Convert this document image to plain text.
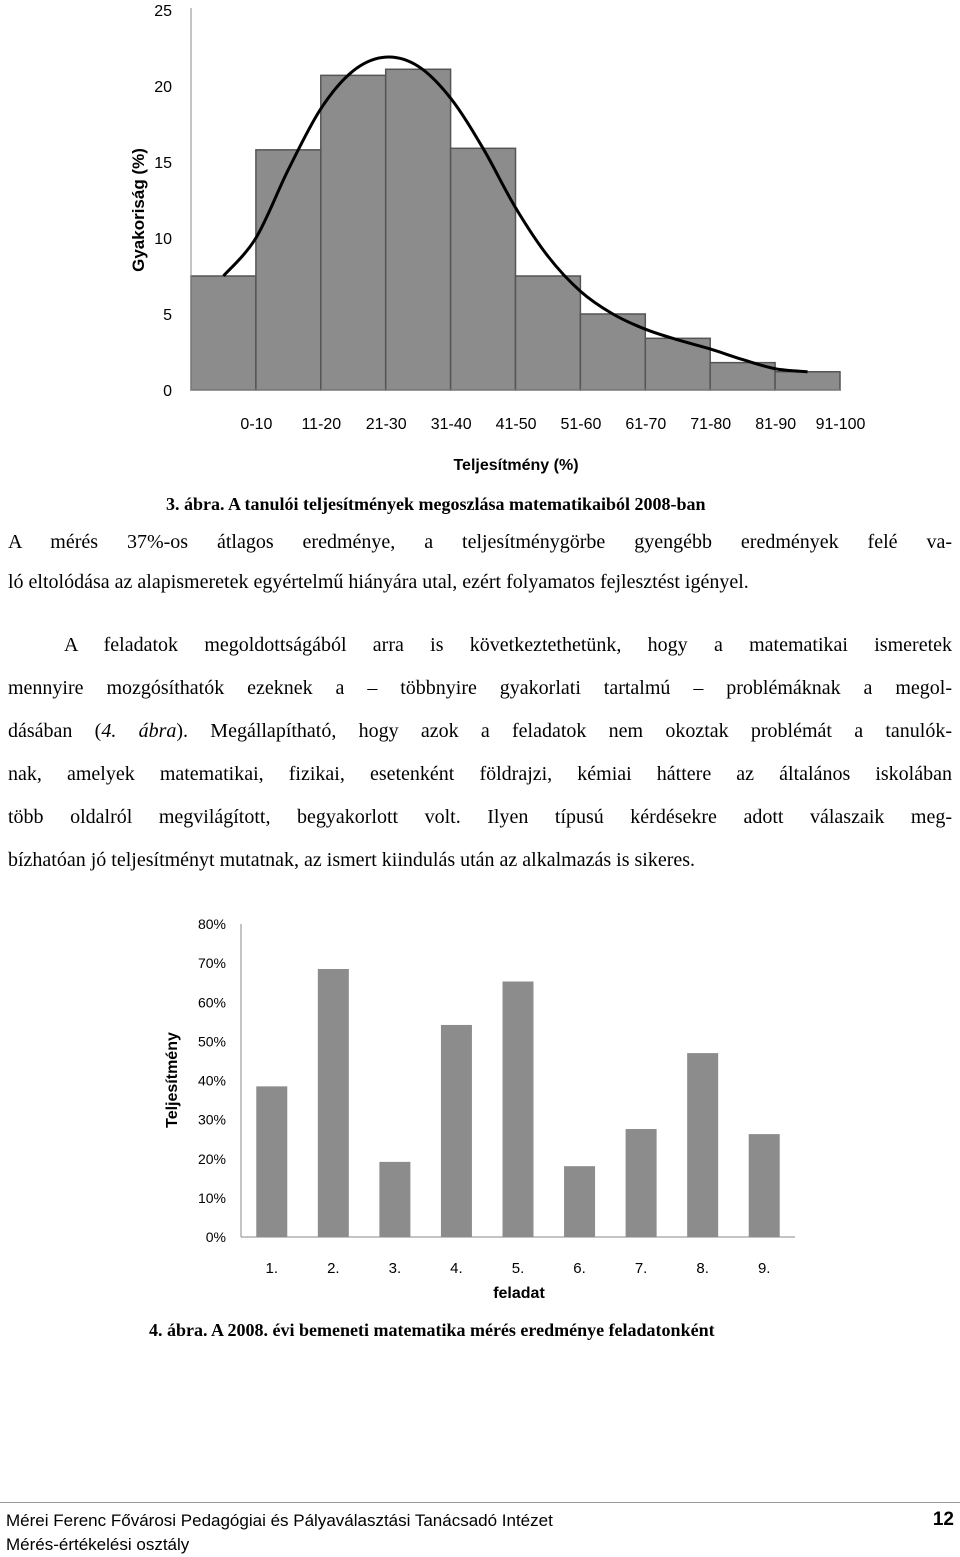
0
5
10
15
20
25
0-10 11-20 21-30 31-40 41-50 51-60 61-70 71-80 81-90 91-100
Gyakoriság (%)
Teljesítmény (%)
3. ábra. A tanulói teljesítmények megoszlása matematikaiból 2008-ban
A mérés 37%-os átlagos eredménye, a teljesítménygörbe gyengébb eredmények felé va-
ló eltolódása az alapismeretek egyértelmű hiányára utal, ezért folyamatos fejlesztést igényel.
A feladatok megoldottságából arra is következtethetünk, hogy a matematikai ismeretek
mennyire mozgósíthatók ezeknek a – többnyire gyakorlati tartalmú – problémáknak a megol-
dásában (4. ábra). Megállapítható, hogy azok a feladatok nem okoztak problémát a tanulók-
nak, amelyek matematikai, fizikai, esetenként földrajzi, kémiai háttere az általános iskolában
több oldalról megvilágított, begyakorlott volt. Ilyen típusú kérdésekre adott válaszaik meg-
bízhatóan jó teljesítményt mutatnak, az ismert kiindulás után az alkalmazás is sikeres.
0%
10%
20%
30%
40%
50%
60%
70%
80%
1.	2.	3.	4.	5.	6.	7.	8.	9.
Teljesítmény
feladat
4. ábra. A 2008. évi bemeneti matematika mérés eredménye feladatonként
Mérei Ferenc Fővárosi Pedagógiai és Pályaválasztási Tanácsadó Intézet
Mérés-értékelési osztály
12
